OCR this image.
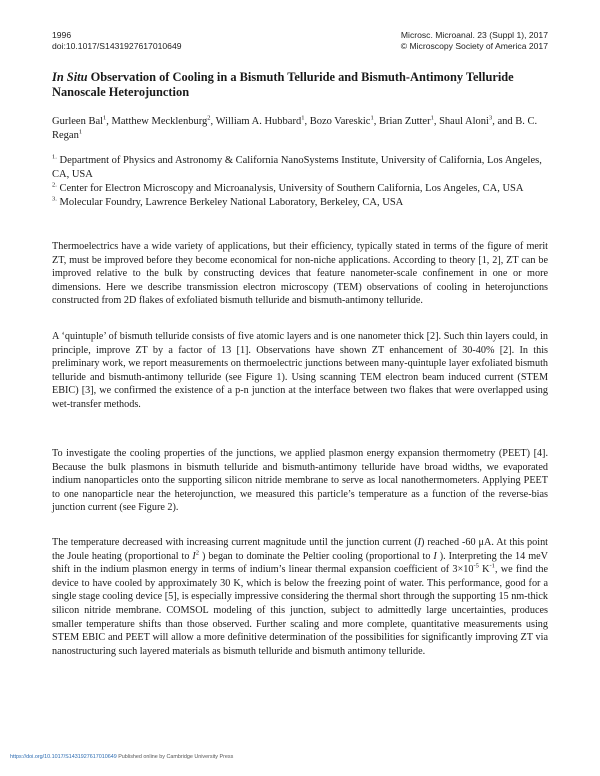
1996
doi:10.1017/S1431927617010649
Microsc. Microanal. 23 (Suppl 1), 2017
© Microscopy Society of America 2017
In Situ Observation of Cooling in a Bismuth Telluride and Bismuth-Antimony Telluride Nanoscale Heterojunction
Gurleen Bal$^1$, Matthew Mecklenburg$^2$, William A. Hubbard$^1$, Bozo Vareskic$^1$, Brian Zutter$^1$, Shaul Aloni$^3$, and B. C. Regan$^1$

$^{1.}$ Department of Physics and Astronomy & California NanoSystems Institute, University of California, Los Angeles, CA, USA

$^{2.}$ Center for Electron Microscopy and Microanalysis, University of Southern California, Los Angeles, CA, USA

$^{3.}$ Molecular Foundry, Lawrence Berkeley National Laboratory, Berkeley, CA, USA

Thermoelectrics have a wide variety of applications, but their efficiency, typically stated in terms of the figure of merit ZT, must be improved before they become economical for non-niche applications. According to theory [1, 2], ZT can be improved relative to the bulk by constructing devices that feature nanometer-scale confinement in one or more dimensions. Here we describe transmission electron microscopy (TEM) observations of cooling in heterojunctions constructed from 2D flakes of exfoliated bismuth telluride and bismuth-antimony telluride.

A ‘quintuple’ of bismuth telluride consists of five atomic layers and is one nanometer thick [2]. Such thin layers could, in principle, improve ZT by a factor of 13 [1]. Observations have shown ZT enhancement of 30-40% [2]. In this preliminary work, we report measurements on thermoelectric junctions between many-quintuple layer exfoliated bismuth telluride and bismuth-antimony telluride (see Figure 1). Using scanning TEM electron beam induced current (STEM EBIC) [3], we confirmed the existence of a p-n junction at the interface between two flakes that were overlapped using wet-transfer methods.

To investigate the cooling properties of the junctions, we applied plasmon energy expansion thermometry (PEET) [4]. Because the bulk plasmons in bismuth telluride and bismuth-antimony telluride have broad widths, we evaporated indium nanoparticles onto the supporting silicon nitride membrane to serve as local nanothermometers. Applying PEET to one nanoparticle near the heterojunction, we measured this particle’s temperature as a function of the reverse-bias junction current (see Figure 2).

The temperature decreased with increasing current magnitude until the junction current (I) reached -60 μA. At this point the Joule heating (proportional to $I^2$ ) began to dominate the Peltier cooling (proportional to I ). Interpreting the 14 meV shift in the indium plasmon energy in terms of indium’s linear thermal expansion coefficient of $3\times 10^{-5}$ $K^{-1}$, we find the device to have cooled by approximately 30 K, which is below the freezing point of water. This performance, good for a single stage cooling device [5], is especially impressive considering the thermal short through the supporting 15 nm-thick silicon nitride membrane. COMSOL modeling of this junction, subject to admittedly large uncertainties, produces smaller temperature shifts than those observed. Further scaling and more complete, quantitative measurements using STEM EBIC and PEET will allow a more definitive determination of the possibilities for significantly improving ZT via nanostructuring such layered materials as bismuth telluride and bismuth antimony telluride.

https://doi.org/10.1017/S1431927617010649 Published online by Cambridge University Press
